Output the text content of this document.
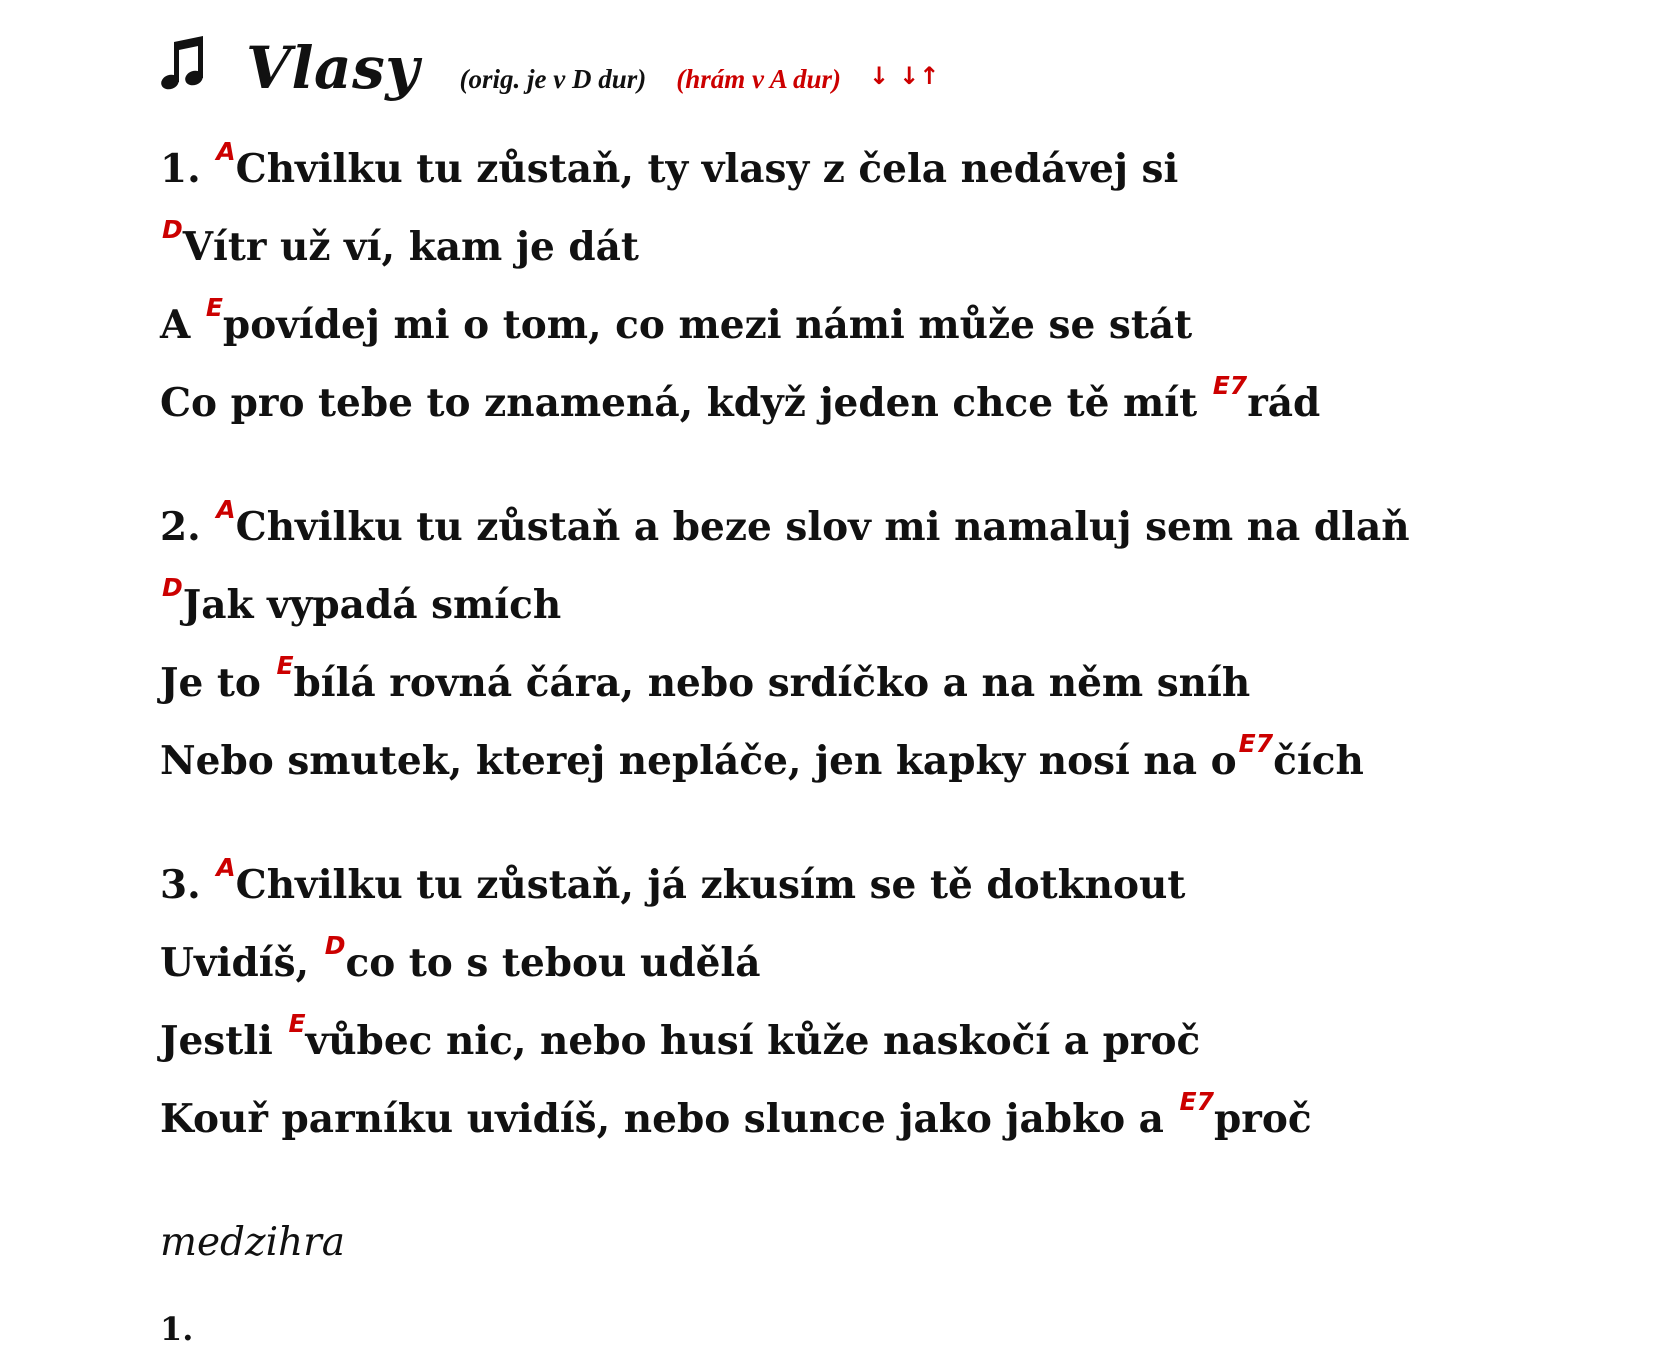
Vlasy (orig. je v D dur) (hrám v A dur) ↓ ↓↑
1. $^A$Chvilku tu zůstaň, ty vlasy z čela nedávej si
$^D$Vítr už ví, kam je dát
A $^E$povídej mi o tom, co mezi námi může se stát
Co pro tebe to znamená, když jeden chce tě mít $^{E7}$rád
2. $^A$Chvilku tu zůstaň a beze slov mi namaluj sem na dlaň
$^D$Jak vypadá smích
Je to $^E$bílá rovná čára, nebo srdíčko a na něm sníh
Nebo smutek, kterej nepláče, jen kapky nosí na $o^{E7}čích$
3. $^A$Chvilku tu zůstaň, já zkusím se tě dotknout
Uvidíš, $^D$co to s tebou udělá
Jestli $^E$vůbec nic, nebo husí kůže naskočí a proč
Kouř parníku uvidíš, nebo slunce jako jabko a $^{E7}$proč
medzihra
1.
